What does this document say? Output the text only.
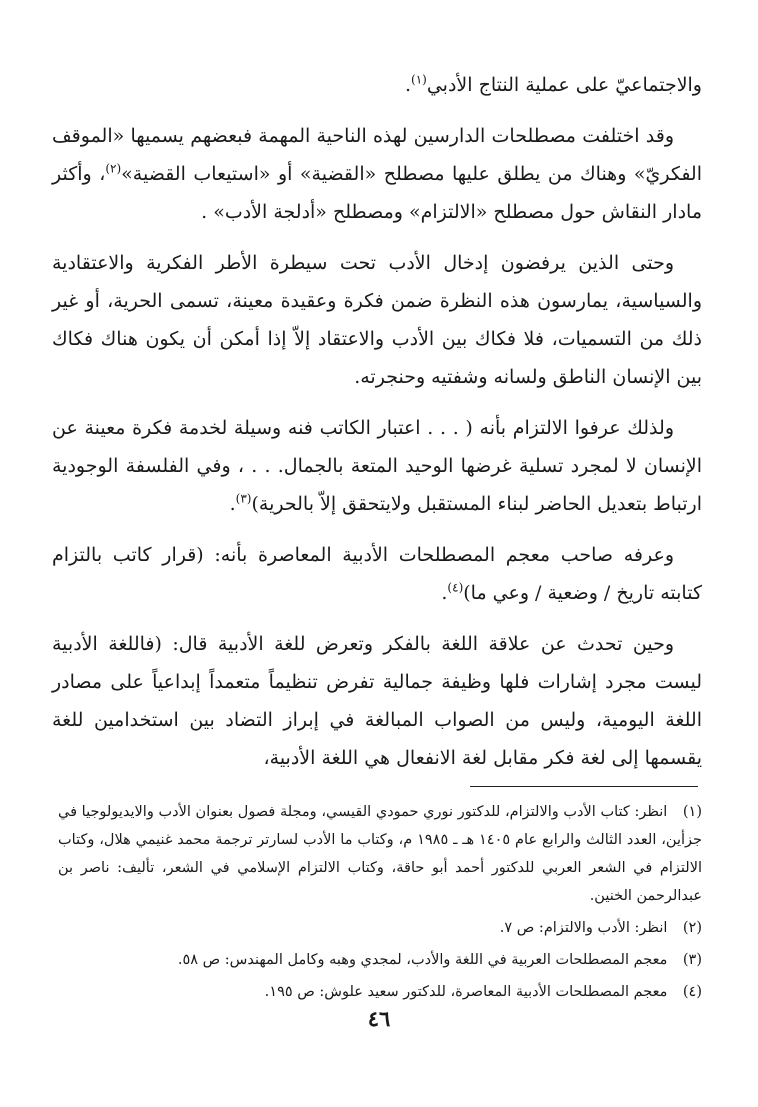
والاجتماعيّ على عملية النتاج الأدبي$^{(١)}$.

وقد اختلفت مصطلحات الدارسين لهذه الناحية المهمة فبعضهم يسميها «الموقف الفكريّ» وهناك من يطلق عليها مصطلح «القضية» أو «استيعاب القضية»$^{(٢)}$، وأكثر مادار النقاش حول مصطلح «الالتزام» ومصطلح «أدلجة الأدب» .

وحتى الذين يرفضون إدخال الأدب تحت سيطرة الأطر الفكرية والاعتقادية والسياسية، يمارسون هذه النظرة ضمن فكرة وعقيدة معينة، تسمى الحرية، أو غير ذلك من التسميات، فلا فكاك بين الأدب والاعتقاد إلاّ إذا أمكن أن يكون هناك فكاك بين الإنسان الناطق ولسانه وشفتيه وحنجرته.

ولذلك عرفوا الالتزام بأنه ( . . . اعتبار الكاتب فنه وسيلة لخدمة فكرة معينة عن الإنسان لا لمجرد تسلية غرضها الوحيد المتعة بالجمال. . . ، وفي الفلسفة الوجودية ارتباط بتعديل الحاضر لبناء المستقبل ولايتحقق إلاّ بالحرية)$^{(٣)}$.

وعرفه صاحب معجم المصطلحات الأدبية المعاصرة بأنه: (قرار كاتب بالتزام كتابته تاريخ / وضعية / وعي ما)$^{(٤)}$.

وحين تحدث عن علاقة اللغة بالفكر وتعرض للغة الأدبية قال: (فاللغة الأدبية ليست مجرد إشارات فلها وظيفة جمالية تفرض تنظيماً متعمداً إبداعياً على مصادر اللغة اليومية، وليس من الصواب المبالغة في إبراز التضاد بين استخدامين للغة يقسمها إلى لغة فكر مقابل لغة الانفعال هي اللغة الأدبية،

(١) انظر: كتاب الأدب والالتزام، للدكتور نوري حمودي القيسي، ومجلة فصول بعنوان الأدب والايديولوجيا في جزأين، العدد الثالث والرابع عام ١٤٠٥ هـ ـ ١٩٨٥ م، وكتاب ما الأدب لسارتر ترجمة محمد غنيمي هلال، وكتاب الالتزام في الشعر العربي للدكتور أحمد أبو حاقة، وكتاب الالتزام الإسلامي في الشعر، تأليف: ناصر بن عبدالرحمن الخنين.

(٢) انظر: الأدب والالتزام: ص ٧.

(٣) معجم المصطلحات العربية في اللغة والأدب، لمجدي وهبه وكامل المهندس: ص ٥٨.

(٤) معجم المصطلحات الأدبية المعاصرة، للدكتور سعيد علوش: ص ١٩٥.

٤٦
